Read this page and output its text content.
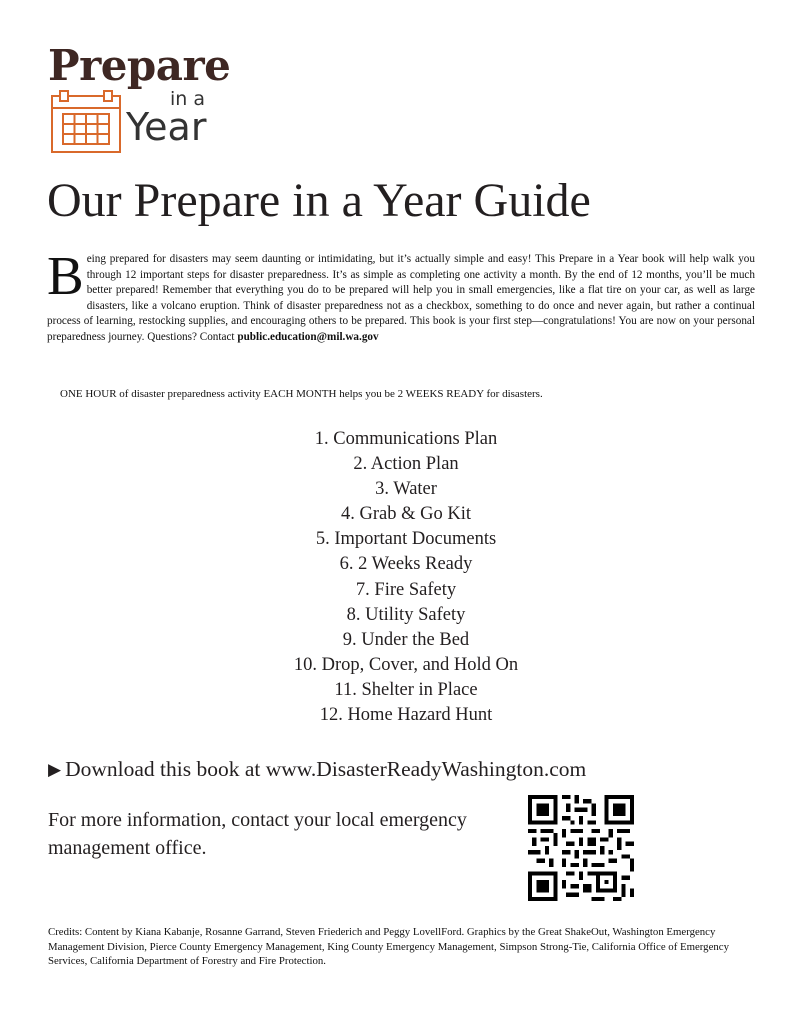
Prepare
in a
Year
Our Prepare in a Year Guide

Being prepared for disasters may seem daunting or intimidating, but it’s actually simple and easy! This Prepare in a Year book will help walk you through 12 important steps for disaster preparedness. It’s as simple as completing one activity a month. By the end of 12 months, you’ll be much better prepared! Remember that everything you do to be prepared will help you in small emergencies, like a flat tire on your car, as well as large disasters, like a volcano eruption. Think of disaster preparedness not as a checkbox, something to do once and never again, but rather a continual process of learning, restocking supplies, and encouraging others to be prepared. This book is your first step—congratulations! You are now on your personal preparedness journey. Questions? Contact public.education@mil.wa.gov

ONE HOUR of disaster preparedness activity EACH MONTH helps you be 2 WEEKS READY for disasters.

1. Communications Plan
2. Action Plan
3. Water
4. Grab & Go Kit
5. Important Documents
6. 2 Weeks Ready
7. Fire Safety
8. Utility Safety
9. Under the Bed
10. Drop, Cover, and Hold On
11. Shelter in Place
12. Home Hazard Hunt

▶ Download this book at www.DisasterReadyWashington.com

For more information, contact your local emergency management office.

Credits: Content by Kiana Kabanje, Rosanne Garrand, Steven Friederich and Peggy LovellFord. Graphics by the Great ShakeOut, Washington Emergency Management Division, Pierce County Emergency Management, King County Emergency Management, Simpson Strong-Tie, California Office of Emergency Services, California Department of Forestry and Fire Protection.
